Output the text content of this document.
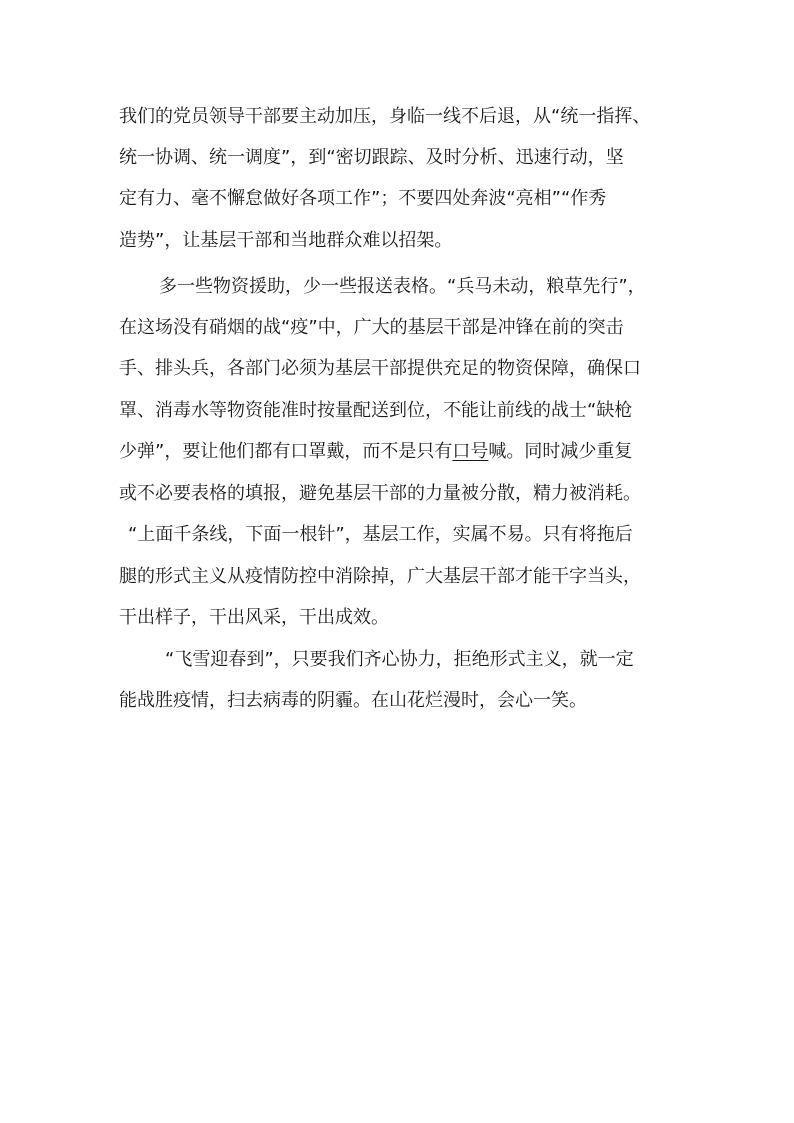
我们的党员领导干部要主动加压，身临一线不后退，从“统一指挥、
统一协调、统一调度”，到“密切跟踪、及时分析、迅速行动，坚
定有力、毫不懈怠做好各项工作”；不要四处奔波“亮相”“作秀
造势”，让基层干部和当地群众难以招架。
多一些物资援助，少一些报送表格。“兵马未动，粮草先行”，
在这场没有硝烟的战“疫”中，广大的基层干部是冲锋在前的突击
手、排头兵，各部门必须为基层干部提供充足的物资保障，确保口
罩、消毒水等物资能准时按量配送到位，不能让前线的战士“缺枪
少弹”，要让他们都有口罩戴，而不是只有口号喊。同时减少重复
或不必要表格的填报，避免基层干部的力量被分散，精力被消耗。
“上面千条线，下面一根针”，基层工作，实属不易。只有将拖后
腿的形式主义从疫情防控中消除掉，广大基层干部才能干字当头，
干出样子，干出风采，干出成效。
“飞雪迎春到”，只要我们齐心协力，拒绝形式主义，就一定
能战胜疫情，扫去病毒的阴霾。在山花烂漫时，会心一笑。
